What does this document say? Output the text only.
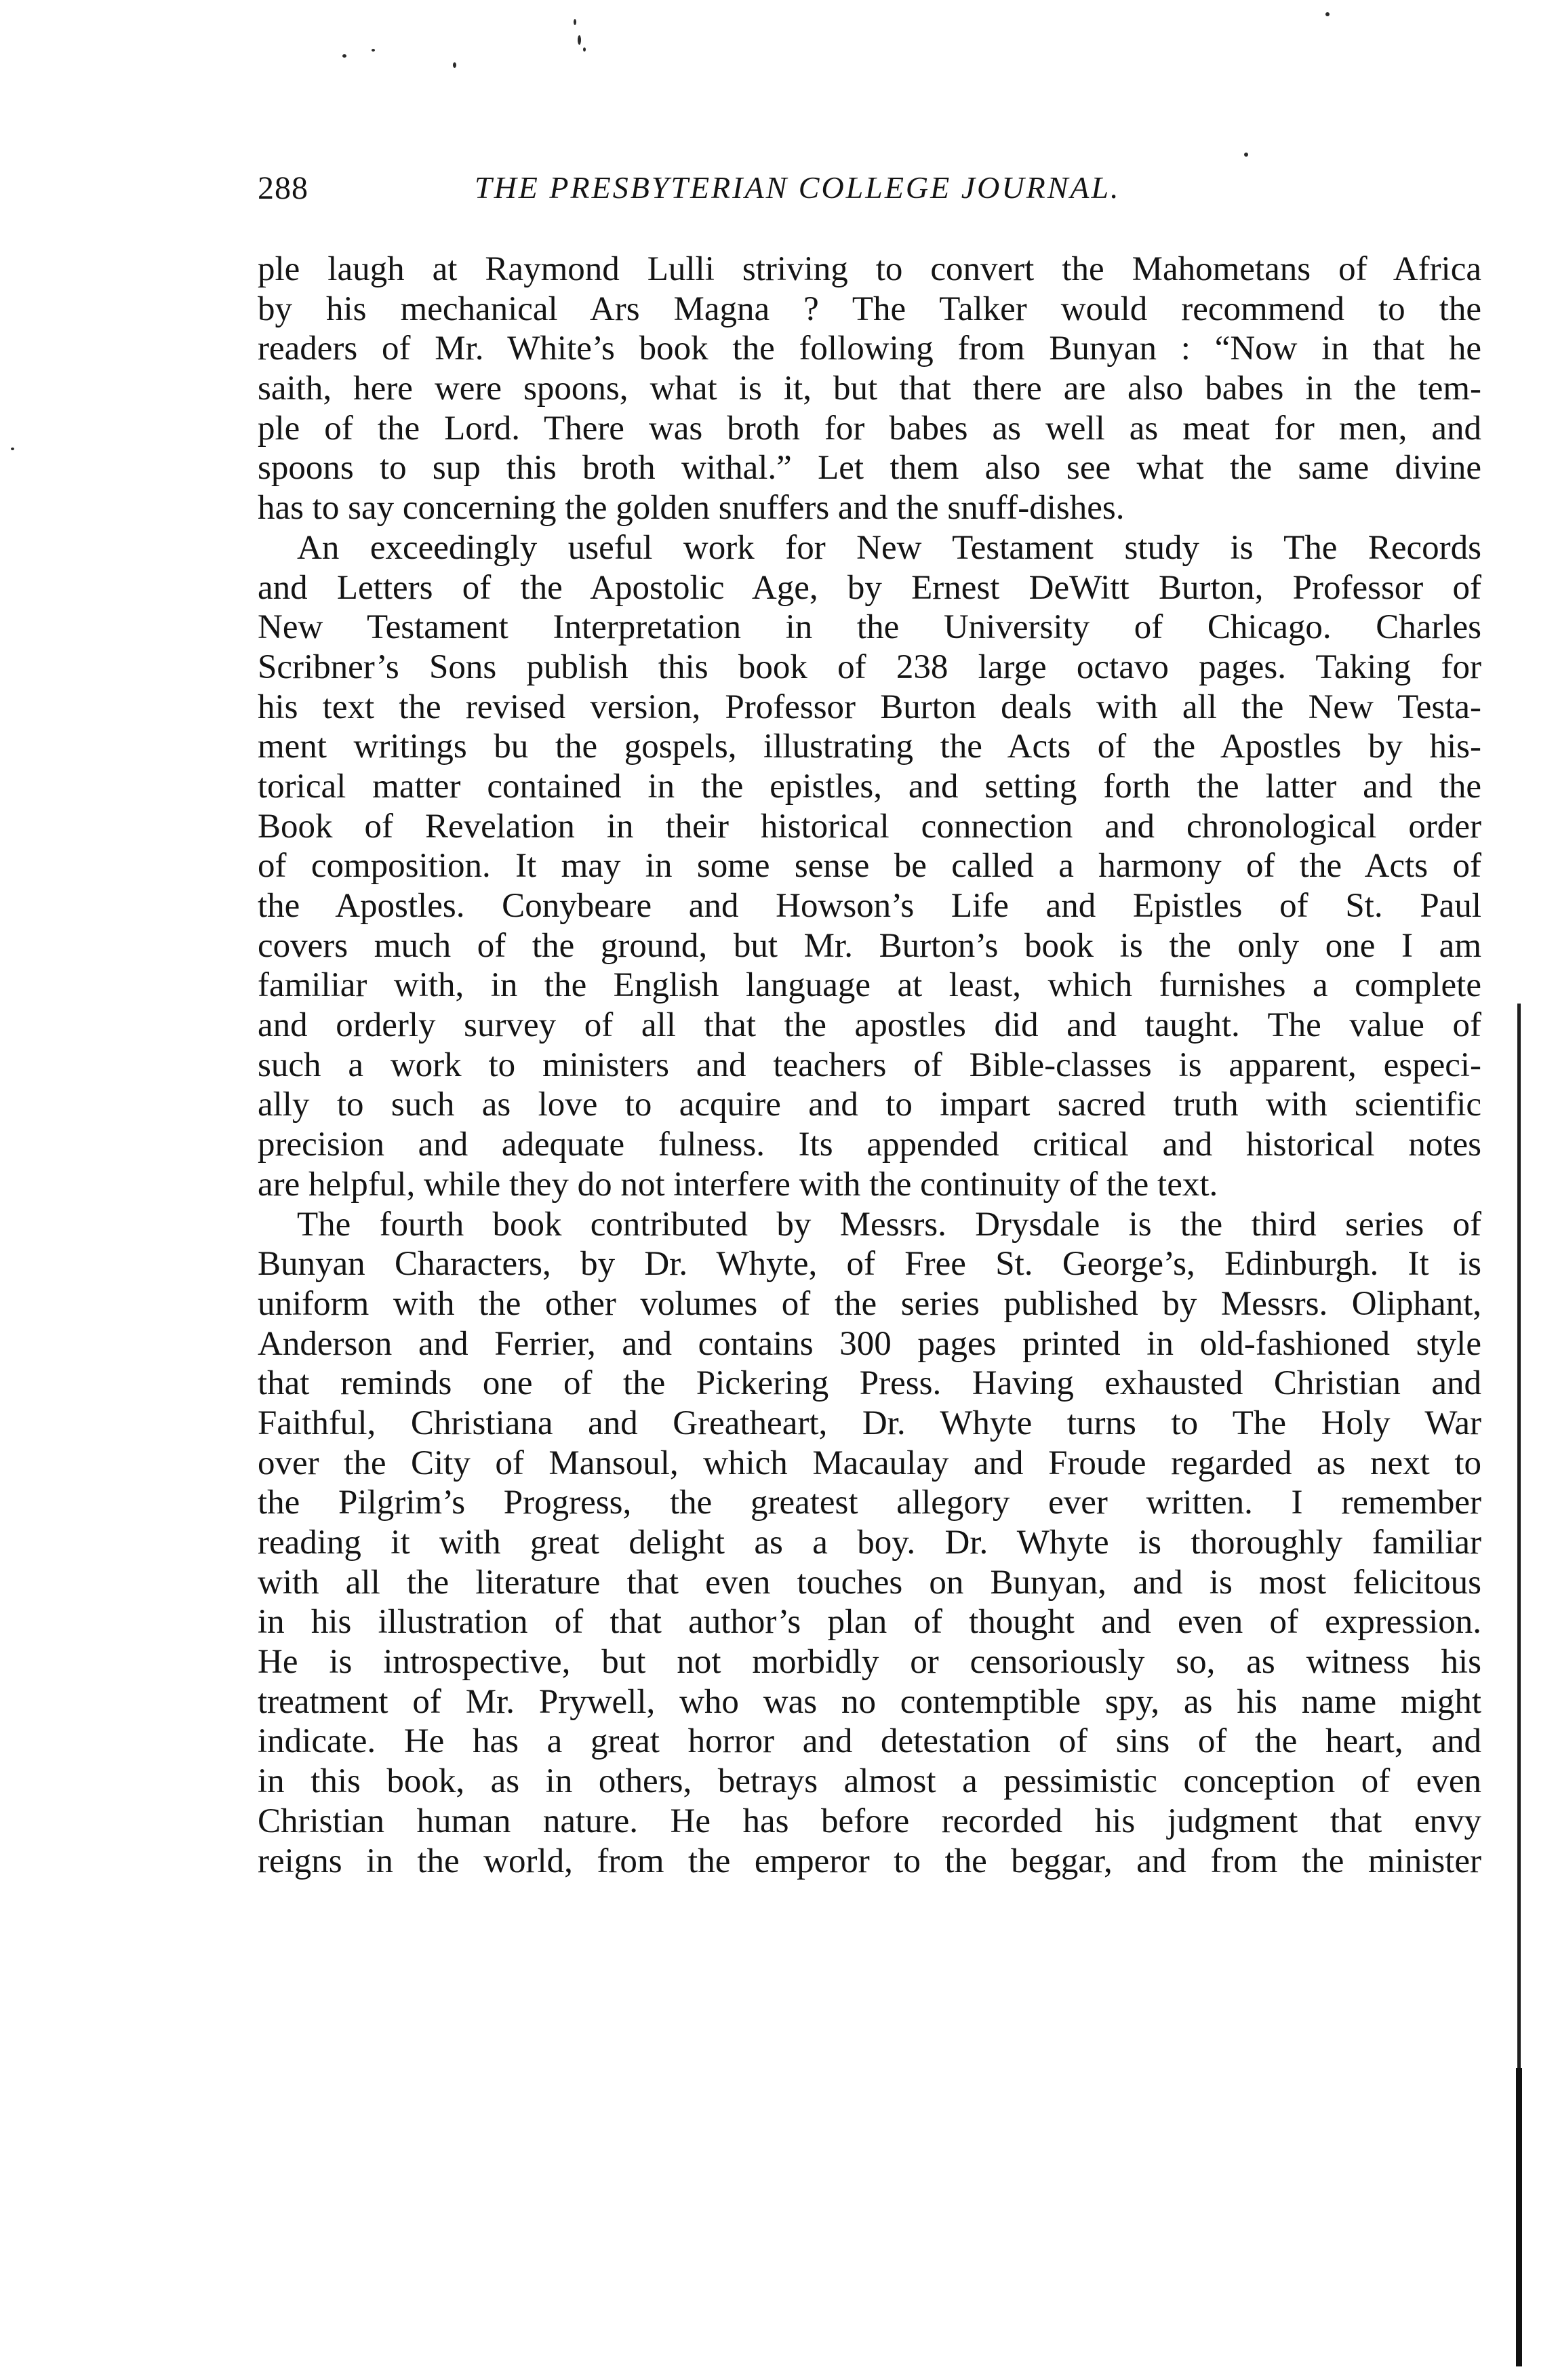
288	THE PRESBYTERIAN COLLEGE JOURNAL.
ple laugh at Raymond Lulli striving to convert the Mahometans of Africa
by his mechanical Ars Magna ? The Talker would recommend to the
readers of Mr. White’s book the following from Bunyan : “Now in that he
saith, here were spoons, what is it, but that there are also babes in the tem-
ple of the Lord. There was broth for babes as well as meat for men, and
spoons to sup this broth withal.” Let them also see what the same divine
has to say concerning the golden snuffers and the snuff-dishes.
An exceedingly useful work for New Testament study is The Records
and Letters of the Apostolic Age, by Ernest DeWitt Burton, Professor of
New Testament Interpretation in the University of Chicago. Charles
Scribner’s Sons publish this book of 238 large octavo pages. Taking for
his text the revised version, Professor Burton deals with all the New Testa-
ment writings bu the gospels, illustrating the Acts of the Apostles by his-
torical matter contained in the epistles, and setting forth the latter and the
Book of Revelation in their historical connection and chronological order
of composition. It may in some sense be called a harmony of the Acts of
the Apostles. Conybeare and Howson’s Life and Epistles of St. Paul
covers much of the ground, but Mr. Burton’s book is the only one I am
familiar with, in the English language at least, which furnishes a complete
and orderly survey of all that the apostles did and taught. The value of
such a work to ministers and teachers of Bible-classes is apparent, especi-
ally to such as love to acquire and to impart sacred truth with scientific
precision and adequate fulness. Its appended critical and historical notes
are helpful, while they do not interfere with the continuity of the text.
The fourth book contributed by Messrs. Drysdale is the third series of
Bunyan Characters, by Dr. Whyte, of Free St. George’s, Edinburgh. It is
uniform with the other volumes of the series published by Messrs. Oliphant,
Anderson and Ferrier, and contains 300 pages printed in old-fashioned style
that reminds one of the Pickering Press. Having exhausted Christian and
Faithful, Christiana and Greatheart, Dr. Whyte turns to The Holy War
over the City of Mansoul, which Macaulay and Froude regarded as next to
the Pilgrim’s Progress, the greatest allegory ever written. I remember
reading it with great delight as a boy. Dr. Whyte is thoroughly familiar
with all the literature that even touches on Bunyan, and is most felicitous
in his illustration of that author’s plan of thought and even of expression.
He is introspective, but not morbidly or censoriously so, as witness his
treatment of Mr. Prywell, who was no contemptible spy, as his name might
indicate. He has a great horror and detestation of sins of the heart, and
in this book, as in others, betrays almost a pessimistic conception of even
Christian human nature. He has before recorded his judgment that envy
reigns in the world, from the emperor to the beggar, and from the minister
